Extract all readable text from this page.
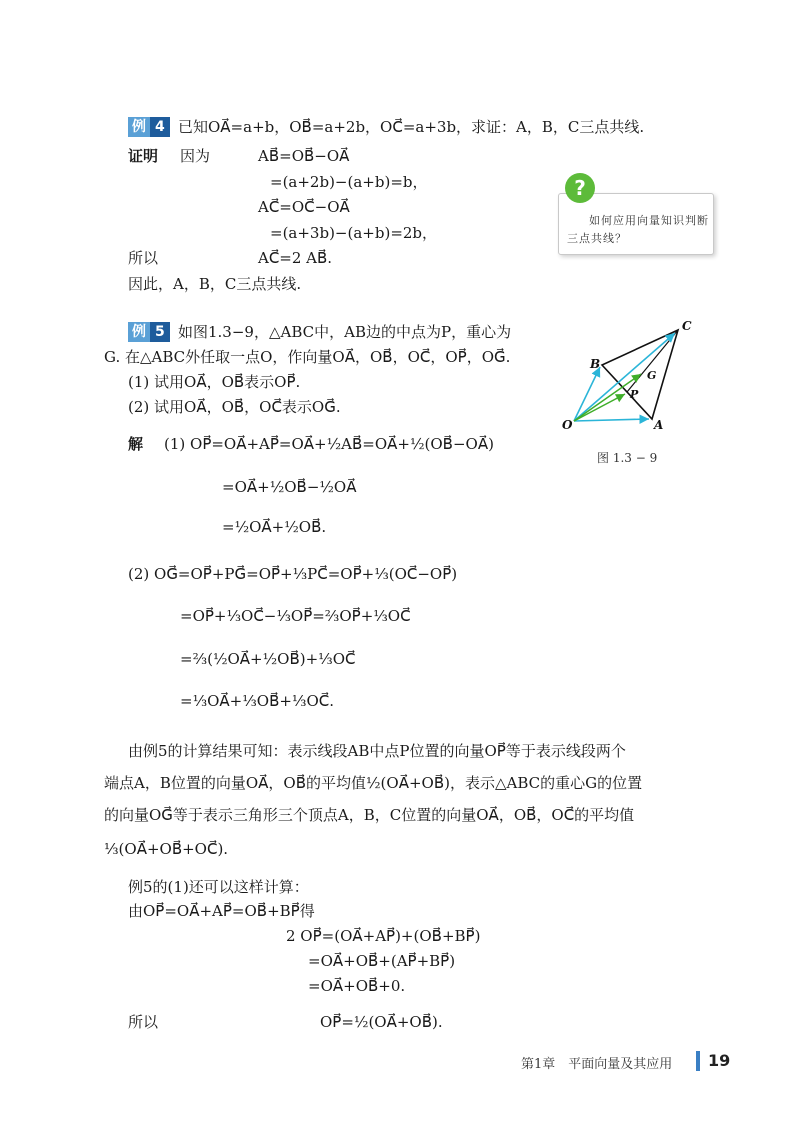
例 4 已知OA⃗=a+b，OB⃗=a+2b，OC⃗=a+3b，求证：A，B，C三点共线.
证明 因为	AB⃗=OB⃗−OA⃗
=(a+2b)−(a+b)=b，
AC⃗=OC⃗−OA⃗
=(a+3b)−(a+b)=2b，
所以	AC⃗=2 AB⃗.
因此，A，B，C三点共线.
如何应用向量知识判断三点共线？
?
例 5 如图1.3−9，△ABC中，AB边的中点为P，重心为
G. 在△ABC外任取一点O，作向量OA⃗，OB⃗，OC⃗，OP⃗，OG⃗.
(1) 试用OA⃗，OB⃗表示OP⃗.
(2) 试用OA⃗，OB⃗，OC⃗表示OG⃗.
解 (1) OP⃗=OA⃗+AP⃗=OA⃗+½AB⃗=OA⃗+½(OB⃗−OA⃗)
=OA⃗+½OB⃗−½OA⃗
=½OA⃗+½OB⃗.
(2) OG⃗=OP⃗+PG⃗=OP⃗+⅓PC⃗=OP⃗+⅓(OC⃗−OP⃗)
=OP⃗+⅓OC⃗−⅓OP⃗=⅔OP⃗+⅓OC⃗
=⅔(½OA⃗+½OB⃗)+⅓OC⃗
=⅓OA⃗+⅓OB⃗+⅓OC⃗.
O	A
B
C
P
G
图 1.3 − 9
由例5的计算结果可知：表示线段AB中点P位置的向量OP⃗等于表示线段两个
端点A，B位置的向量OA⃗，OB⃗的平均值½(OA⃗+OB⃗)，表示△ABC的重心G的位置
的向量OG⃗等于表示三角形三个顶点A，B，C位置的向量OA⃗，OB⃗，OC⃗的平均值
⅓(OA⃗+OB⃗+OC⃗).
例5的(1)还可以这样计算：
由OP⃗=OA⃗+AP⃗=OB⃗+BP⃗得
2 OP⃗=(OA⃗+AP⃗)+(OB⃗+BP⃗)
=OA⃗+OB⃗+(AP⃗+BP⃗)
=OA⃗+OB⃗+0.
所以	OP⃗=½(OA⃗+OB⃗).
第1章　平面向量及其应用 19
